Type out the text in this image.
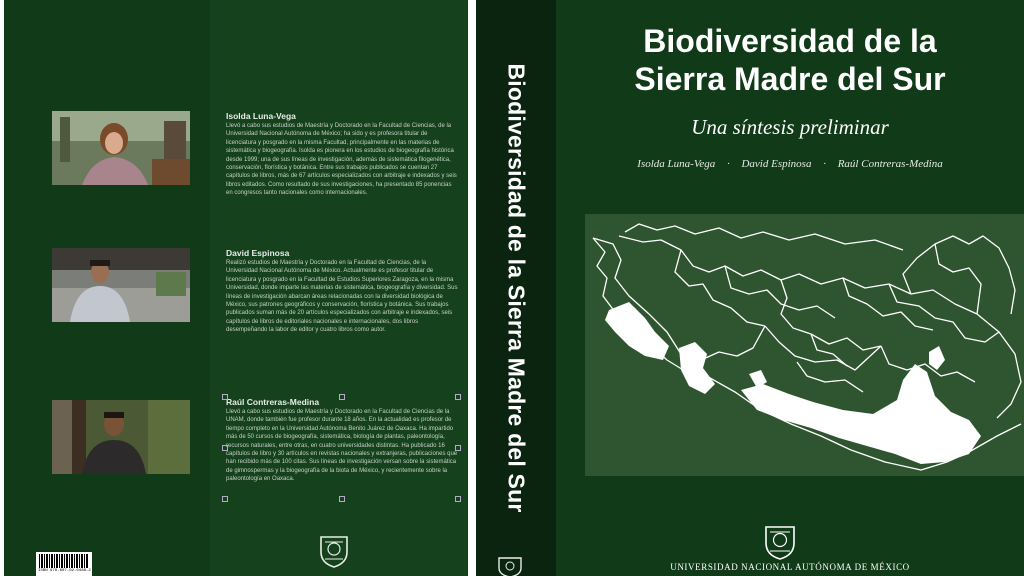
Isolda Luna-Vega

Llevó a cabo sus estudios de Maestría y Doctorado en la Facultad de Ciencias, de la Universidad Nacional Autónoma de México; ha sido y es profesora titular de licenciatura y posgrado en la misma Facultad, principalmente en las materias de sistemática y biogeografía. Isolda es pionera en los estudios de biogeografía histórica desde 1999; una de sus líneas de investigación, además de sistemática filogenética, conservación, florística y botánica. Entre sus trabajos publicados se cuentan 27 capítulos de libros, más de 67 artículos especializados con arbitraje e indexados y seis libros editados. Como resultado de sus investigaciones, ha presentado 85 ponencias en congresos tanto nacionales como internacionales.

David Espinosa

Realizó estudios de Maestría y Doctorado en la Facultad de Ciencias, de la Universidad Nacional Autónoma de México. Actualmente es profesor titular de licenciatura y posgrado en la Facultad de Estudios Superiores Zaragoza, en la misma Universidad, donde imparte las materias de sistemática, biogeografía y diversidad. Sus líneas de investigación abarcan áreas relacionadas con la diversidad biológica de México, sus patrones geográficos y conservación, florística y botánica. Sus trabajos publicados suman más de 20 artículos especializados con arbitraje e indexados, seis capítulos de libros de editoriales nacionales e internacionales, dos libros desempeñando la labor de editor y cuatro libros como autor.

Raúl Contreras-Medina

Llevó a cabo sus estudios de Maestría y Doctorado en la Facultad de Ciencias de la UNAM, donde también fue profesor durante 18 años. En la actualidad es profesor de tiempo completo en la Universidad Autónoma Benito Juárez de Oaxaca. Ha impartido más de 50 cursos de biogeografía, sistemática, biología de plantas, paleontología, recursos naturales, entre otras, en cuatro universidades distintas. Ha publicado 16 capítulos de libro y 30 artículos en revistas nacionales y extranjeras, publicaciones que han recibido más de 100 citas. Sus líneas de investigación versan sobre la sistemática de gimnospermas y la biogeografía de la biota de México, y recientemente sobre la paleontología en Oaxaca.

ISBN 978-607-02-0488-2
Biodiversidad de la Sierra Madre del Sur
Biodiversidad de la
Sierra Madre del Sur
Una síntesis preliminar
Isolda Luna-Vega · David Espinosa · Raúl Contreras-Medina
UNIVERSIDAD NACIONAL AUTÓNOMA DE MÉXICO
